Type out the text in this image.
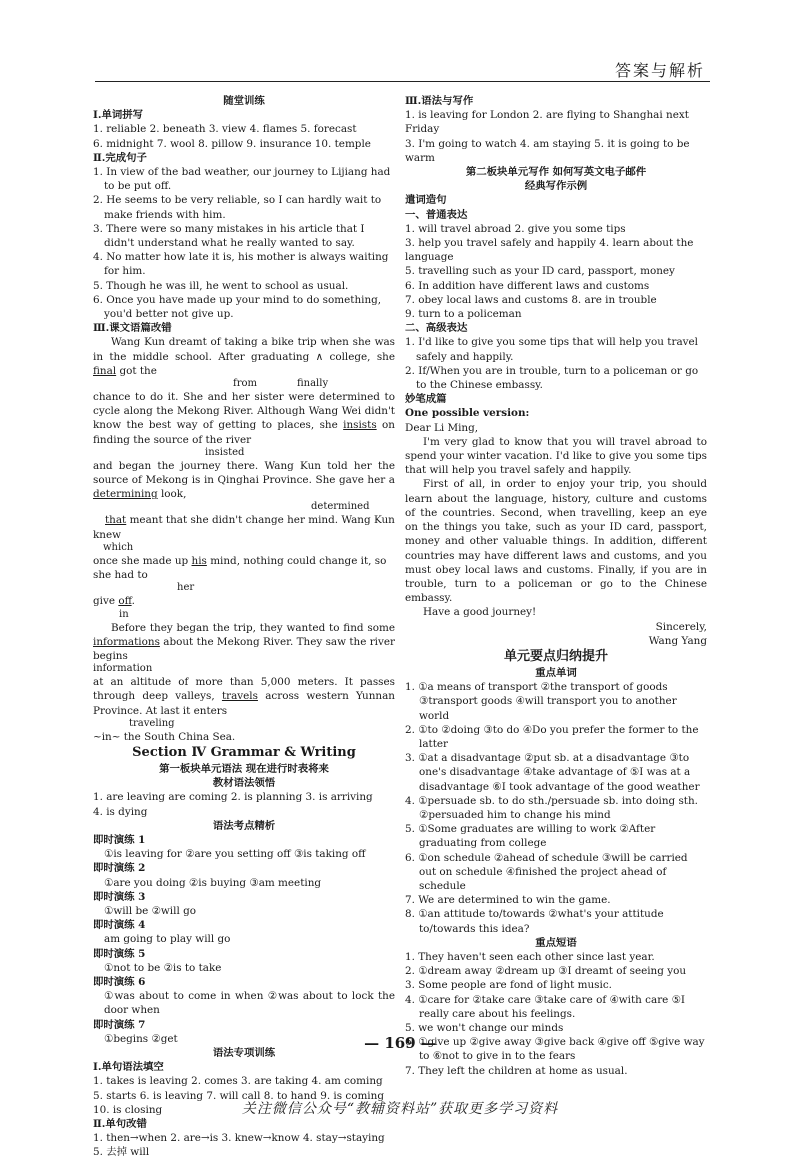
答案与解析

随堂训练

Ⅰ.单词拼写

1. reliable 2. beneath 3. view 4. flames 5. forecast

6. midnight 7. wool 8. pillow 9. insurance 10. temple

Ⅱ.完成句子

1. In view of the bad weather, our journey to Lijiang had to be put off.

2. He seems to be very reliable, so I can hardly wait to make friends with him.

3. There were so many mistakes in his article that I didn't understand what he really wanted to say.

4. No matter how late it is, his mother is always waiting for him.

5. Though he was ill, he went to school as usual.

6. Once you have made up your mind to do something, you'd better not give up.

Ⅲ.课文语篇改错

Wang Kun dreamt of taking a bike trip when she was in the middle school. After graduating ∧ college, she final got the

from	finally

chance to do it. She and her sister were determined to cycle along the Mekong River. Although Wang Wei didn't know the best way of getting to places, she insists on finding the source of the river

insisted

and began the journey there. Wang Kun told her the source of Mekong is in Qinghai Province. She gave her a determining look,

determined

that meant that she didn't change her mind. Wang Kun knew

which

once she made up his mind, nothing could change it, so she had to

her

give off.

in

Before they began the trip, they wanted to find some informations about the Mekong River. They saw the river begins

information

at an altitude of more than 5,000 meters. It passes through deep valleys, travels across western Yunnan Province. At last it enters

traveling

~in~ the South China Sea.

Section Ⅳ Grammar & Writing

第一板块单元语法 现在进行时表将来

教材语法领悟

1. are leaving are coming 2. is planning 3. is arriving

4. is dying

语法考点精析

即时演练 1

①is leaving for ②are you setting off ③is taking off

即时演练 2

①are you doing ②is buying ③am meeting

即时演练 3

①will be ②will go

即时演练 4

am going to play will go

即时演练 5

①not to be ②is to take

即时演练 6

①was about to come in when ②was about to lock the door when

即时演练 7

①begins ②get

语法专项训练

Ⅰ.单句语法填空

1. takes is leaving 2. comes 3. are taking 4. am coming

5. starts 6. is leaving 7. will call 8. to hand 9. is coming

10. is closing

Ⅱ.单句改错

1. then→when 2. are→is 3. knew→know 4. stay→staying

5. 去掉 will

Ⅲ.语法与写作

1. is leaving for London 2. are flying to Shanghai next Friday

3. I'm going to watch 4. am staying 5. it is going to be warm

第二板块单元写作 如何写英文电子邮件

经典写作示例

遣词造句

一、普通表达

1. will travel abroad 2. give you some tips

3. help you travel safely and happily 4. learn about the language

5. travelling such as your ID card, passport, money

6. In addition have different laws and customs

7. obey local laws and customs 8. are in trouble

9. turn to a policeman

二、高级表达

1. I'd like to give you some tips that will help you travel safely and happily.

2. If/When you are in trouble, turn to a policeman or go to the Chinese embassy.

妙笔成篇

One possible version:

Dear Li Ming,

I'm very glad to know that you will travel abroad to spend your winter vacation. I'd like to give you some tips that will help you travel safely and happily.

First of all, in order to enjoy your trip, you should learn about the language, history, culture and customs of the countries. Second, when travelling, keep an eye on the things you take, such as your ID card, passport, money and other valuable things. In addition, different countries may have different laws and customs, and you must obey local laws and customs. Finally, if you are in trouble, turn to a policeman or go to the Chinese embassy.

Have a good journey!

Sincerely,

Wang Yang

单元要点归纳提升

重点单词

1. ①a means of transport ②the transport of goods ③transport goods ④will transport you to another world

2. ①to ②doing ③to do ④Do you prefer the former to the latter

3. ①at a disadvantage ②put sb. at a disadvantage ③to one's disadvantage ④take advantage of ⑤I was at a disadvantage ⑥I took advantage of the good weather

4. ①persuade sb. to do sth./persuade sb. into doing sth. ②persuaded him to change his mind

5. ①Some graduates are willing to work ②After graduating from college

6. ①on schedule ②ahead of schedule ③will be carried out on schedule ④finished the project ahead of schedule

7. We are determined to win the game.

8. ①an attitude to/towards ②what's your attitude to/towards this idea?

重点短语

1. They haven't seen each other since last year.

2. ①dream away ②dream up ③I dreamt of seeing you

3. Some people are fond of light music.

4. ①care for ②take care ③take care of ④with care ⑤I really care about his feelings.

5. we won't change our minds

6. ①give up ②give away ③give back ④give off ⑤give way to ⑥not to give in to the fears

7. They left the children at home as usual.

— 169 —
关注微信公众号“教辅资料站”获取更多学习资料
